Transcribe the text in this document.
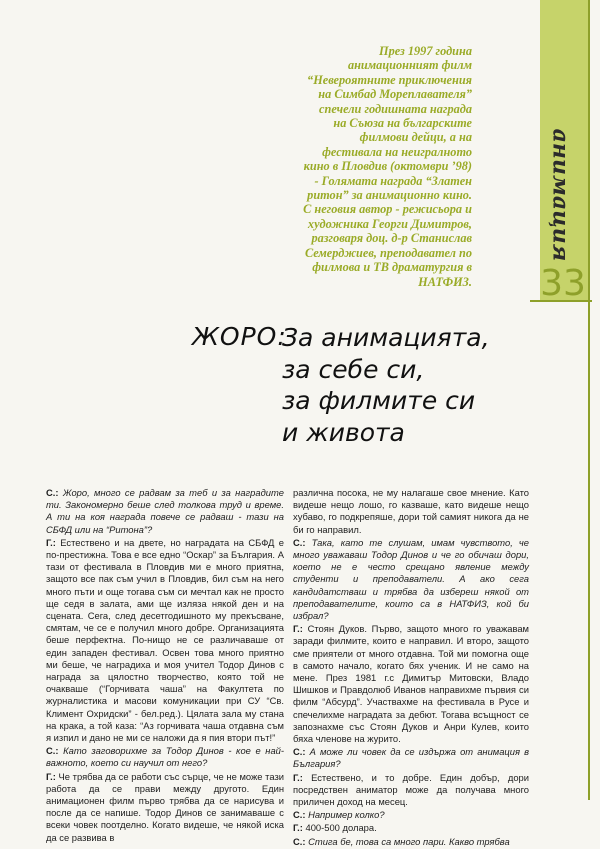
През 1997 година

анимационният филм

“Невероятните приключения

на Симбад Мореплавателя”

спечели годишната награда

на Съюза на българските

филмови дейци, а на

фестивала на неигралното

кино в Пловдив (октомври ’98)

- Голямата награда “Златен

ритон” за анимационно кино.

С неговия автор - режисьора и

художника Георги Димитров,

разговаря доц. д-р Станислав

Семерджиев, преподавател по

филмова и ТВ драматургия в

НАТФИЗ.

анимация
33
ЖОРО:
За анимацията,
за себе си,
за филмите си
и живота

С.: Жоро, много се радвам за теб и за наградите ти. Закономерно беше след толкова труд и време. А ти на коя награда повече се радваш - тази на СБФД или на “Ритона”?

Г.: Естествено и на двете, но наградата на СБФД е по-престижна. Това е все едно “Оскар” за България. А тази от фестивала в Пловдив ми е много приятна, защото все пак съм учил в Пловдив, бил съм на него много пъти и още тогава съм си мечтал как не просто ще седя в залата, ами ще изляза някой ден и на сцената. Сега, след десетгодишното му прекъсване, смятам, че се е получил много добре. Организацията беше перфектна. По-нищо не се различаваше от един западен фестивал. Освен това много приятно ми беше, че наградиха и моя учител Тодор Динов с награда за цялостно творчество, която той не очакваше (“Горчивата чаша” на Факултета по журналистика и масови комуникации при СУ “Св. Климент Охридски” - бел.ред.). Цялата зала му стана на крака, а той каза: “Аз горчивата чаша отдавна съм я изпил и дано не ми се наложи да я пия втори път!”

С.: Като заговорихме за Тодор Динов - кое е най-важното, което си научил от него?

Г.: Че трябва да се работи със сърце, че не може тази работа да се прави между другото. Един анимационен филм първо трябва да се нарисува и после да се напише. Тодор Динов се занимаваше с всеки човек поотделно. Когато видеше, че някой иска да се развива в

различна посока, не му налагаше свое мнение. Като видеше нещо лошо, го казваше, като видеше нещо хубаво, го подкрепяше, дори той самият никога да не би го направил.

С.: Така, като те слушам, имам чувството, че много уважаваш Тодор Динов и че го обичаш дори, което не е често срещано явление между студенти и преподаватели. А ако сега кандидатстваш и трябва да избереш някой от преподавателите, които са в НАТФИЗ, кой би избрал?

Г.: Стоян Дуков. Първо, защото много го уважавам заради филмите, които е направил. И второ, защото сме приятели от много отдавна. Той ми помогна още в самото начало, когато бях ученик. И не само на мене. През 1981 г.с Димитър Митовски, Владо Шишков и Правдолюб Иванов направихме първия си филм “Абсурд”. Участвахме на фестивала в Русе и спечелихме наградата за дебют. Тогава всъщност се запознахме със Стоян Дуков и Анри Кулев, които бяха членове на журито.

С.: А може ли човек да се издържа от анимация в България?

Г.: Естествено, и то добре. Един добър, дори посредствен аниматор може да получава много приличен доход на месец.

С.: Например колко?

Г.: 400-500 долара.

С.: Стига бе, това са много пари. Какво трябва
